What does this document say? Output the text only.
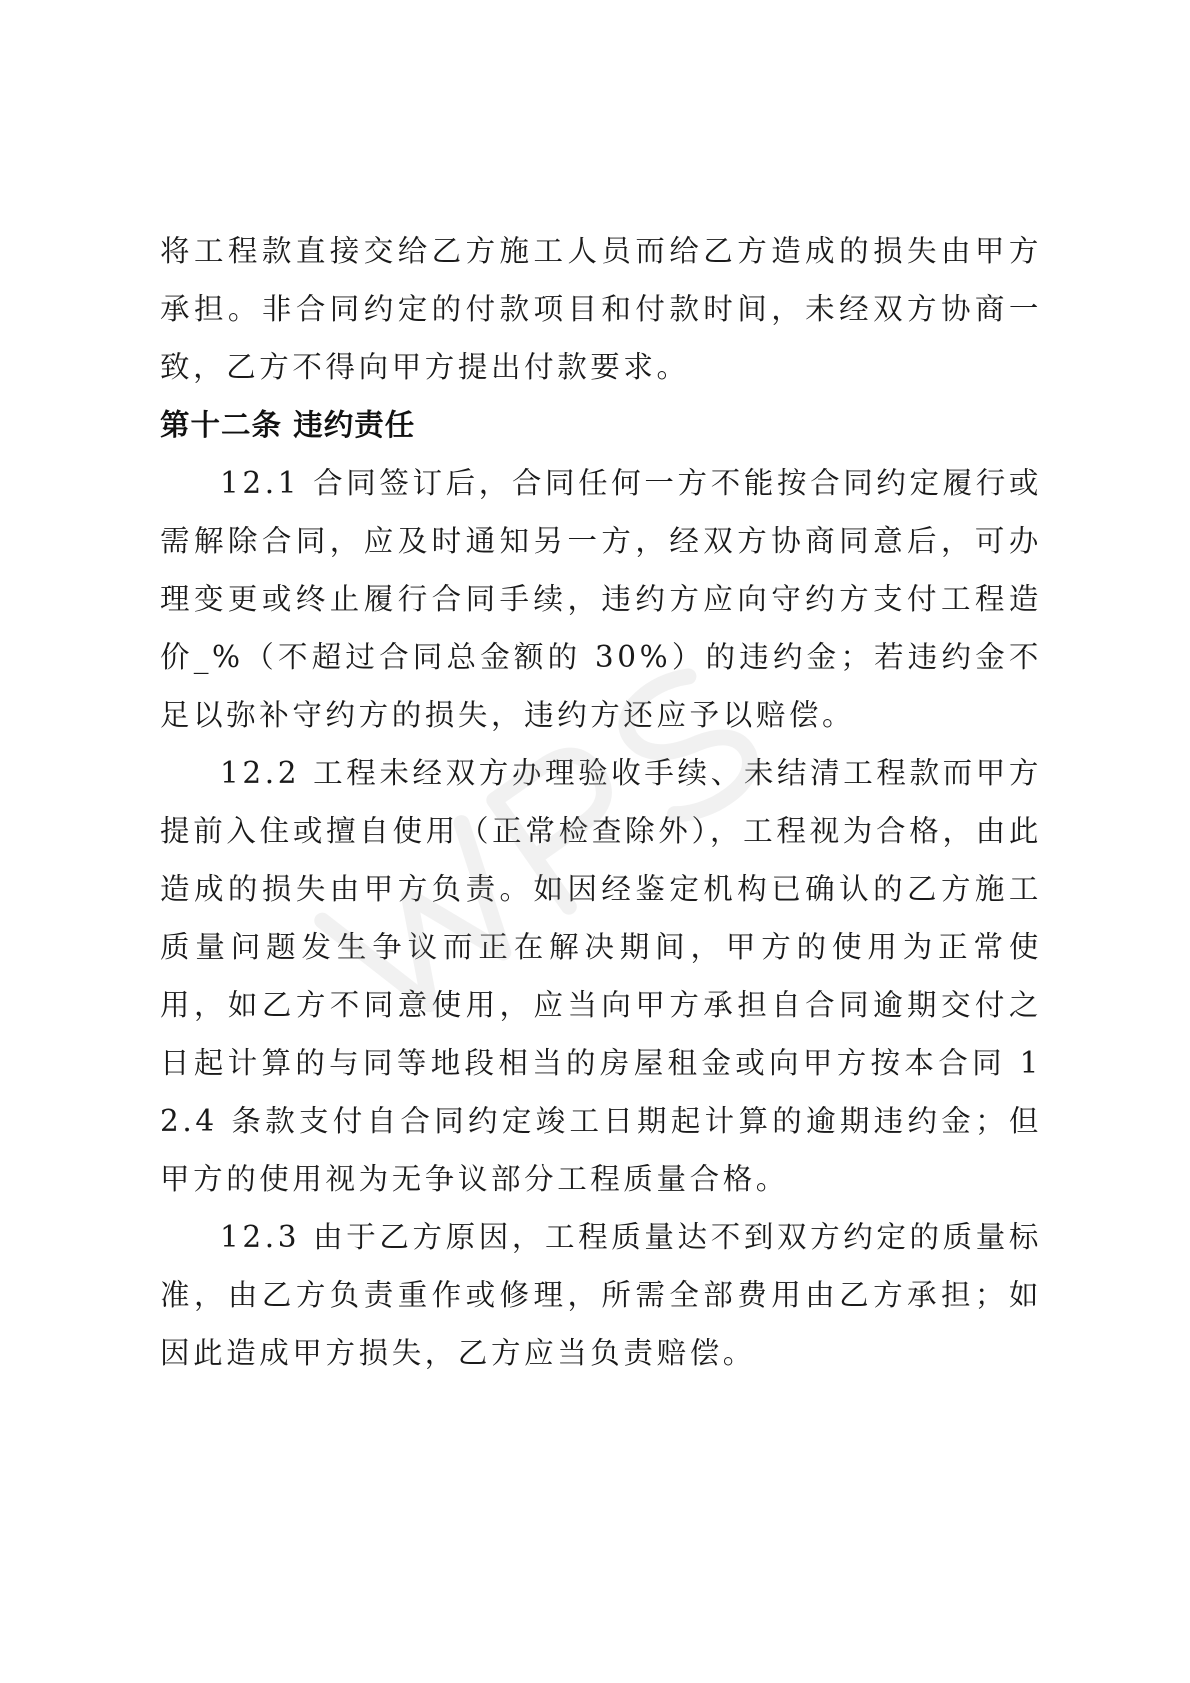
将工程款直接交给乙方施工人员而给乙方造成的损失由甲方承担。非合同约定的付款项目和付款时间，未经双方协商一致，乙方不得向甲方提出付款要求。

第十二条 违约责任

12.1 合同签订后，合同任何一方不能按合同约定履行或需解除合同，应及时通知另一方，经双方协商同意后，可办理变更或终止履行合同手续，违约方应向守约方支付工程造价_%（不超过合同总金额的 30%）的违约金；若违约金不足以弥补守约方的损失，违约方还应予以赔偿。

12.2 工程未经双方办理验收手续、未结清工程款而甲方提前入住或擅自使用（正常检查除外），工程视为合格，由此造成的损失由甲方负责。如因经鉴定机构已确认的乙方施工质量问题发生争议而正在解决期间，甲方的使用为正常使用，如乙方不同意使用，应当向甲方承担自合同逾期交付之日起计算的与同等地段相当的房屋租金或向甲方按本合同 12.4 条款支付自合同约定竣工日期起计算的逾期违约金；但甲方的使用视为无争议部分工程质量合格。

12.3 由于乙方原因，工程质量达不到双方约定的质量标准，由乙方负责重作或修理，所需全部费用由乙方承担；如因此造成甲方损失，乙方应当负责赔偿。
